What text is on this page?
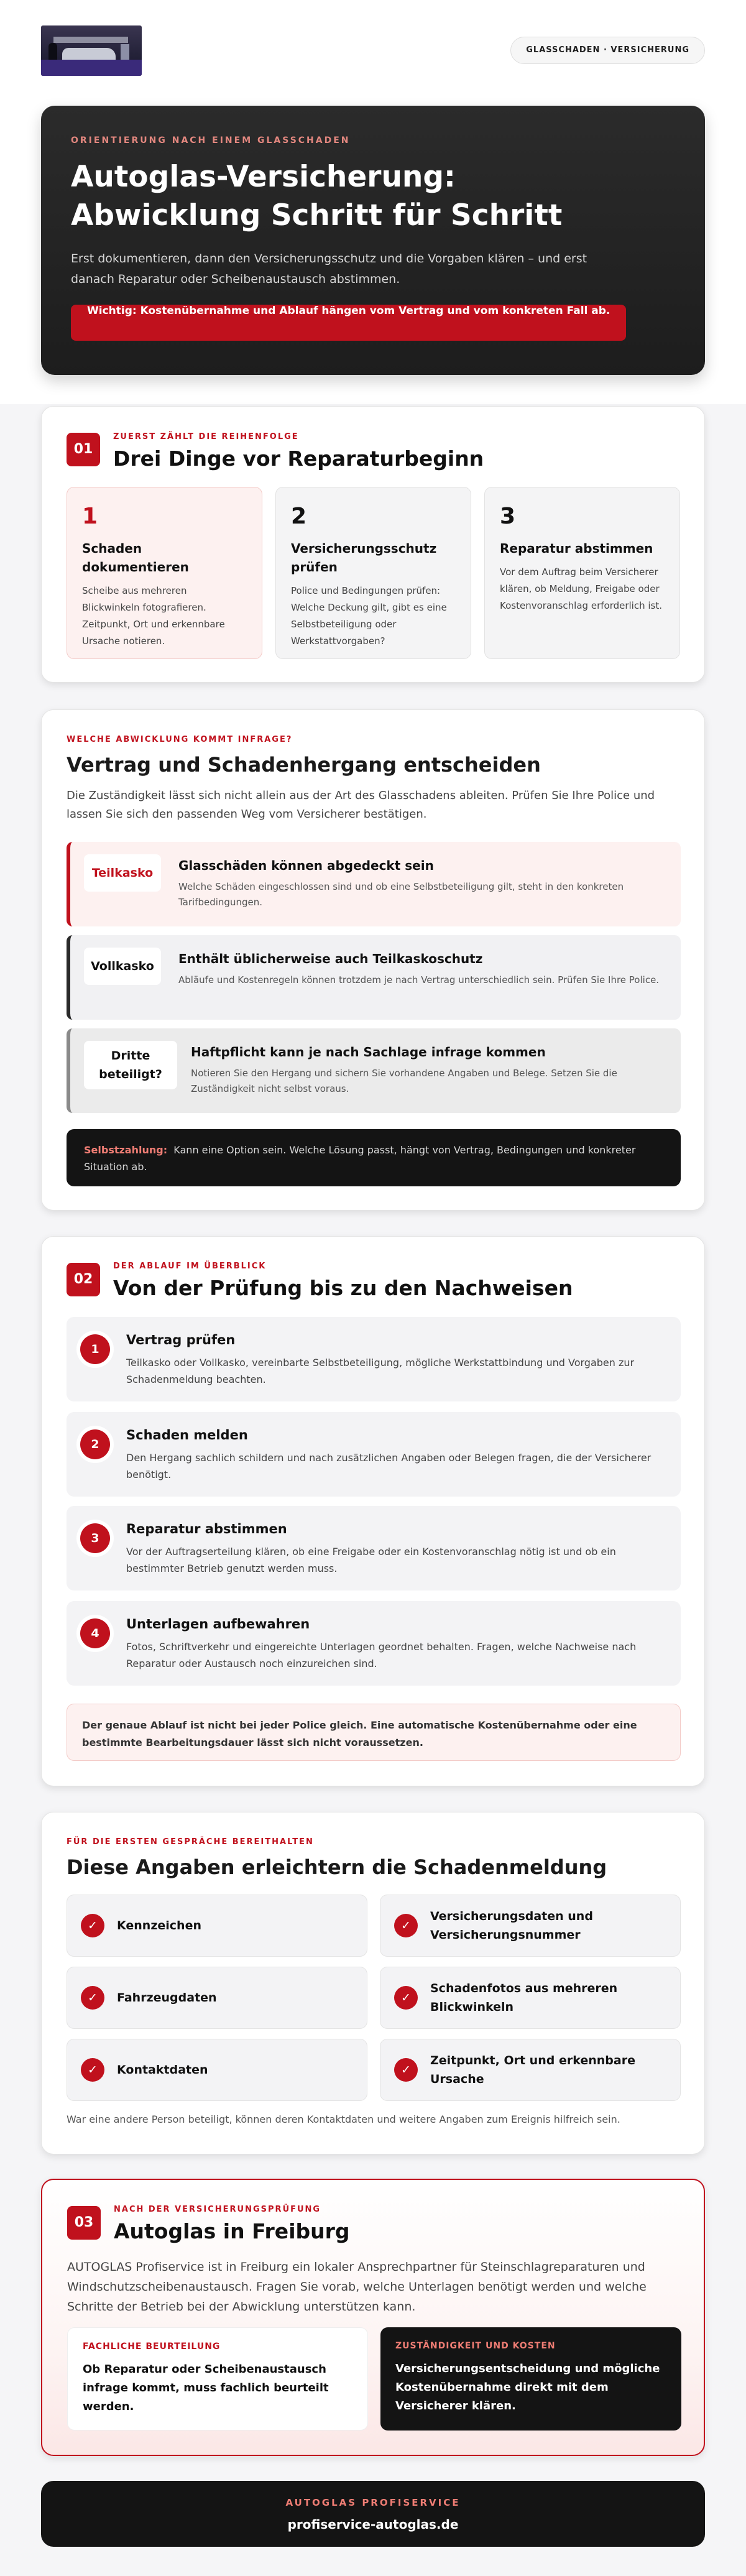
GLASSCHADEN · VERSICHERUNG
ORIENTIERUNG NACH EINEM GLASSCHADEN
Autoglas-Versicherung:
Abwicklung Schritt für Schritt

Erst dokumentieren, dann den Versicherungsschutz und die Vorgaben klären – und erst danach Reparatur oder Scheibenaustausch abstimmen.

Wichtig: Kostenübernahme und Ablauf hängen vom Vertrag und vom konkreten Fall ab.
01
ZUERST ZÄHLT DIE REIHENFOLGE
Drei Dinge vor Reparaturbeginn
1
Schaden dokumentieren

Scheibe aus mehreren Blickwinkeln fotografieren. Zeitpunkt, Ort und erkennbare Ursache notieren.

2
Versicherungsschutz prüfen

Police und Bedingungen prüfen: Welche Deckung gilt, gibt es eine Selbstbeteiligung oder Werkstattvorgaben?

3
Reparatur abstimmen

Vor dem Auftrag beim Versicherer klären, ob Meldung, Freigabe oder Kostenvoranschlag erforderlich ist.

WELCHE ABWICKLUNG KOMMT INFRAGE?
Vertrag und Schadenhergang entscheiden

Die Zuständigkeit lässt sich nicht allein aus der Art des Glasschadens ableiten. Prüfen Sie Ihre Police und lassen Sie sich den passenden Weg vom Versicherer bestätigen.

Teilkasko	Glasschäden können abgedeckt sein

Welche Schäden eingeschlossen sind und ob eine Selbstbeteiligung gilt, steht in den konkreten Tarifbedingungen.

Vollkasko	Enthält üblicherweise auch Teilkaskoschutz

Abläufe und Kostenregeln können trotzdem je nach Vertrag unterschiedlich sein. Prüfen Sie Ihre Police.

Dritte beteiligt?
Haftpflicht kann je nach Sachlage infrage kommen

Notieren Sie den Hergang und sichern Sie vorhandene Angaben und Belege. Setzen Sie die Zuständigkeit nicht selbst voraus.

Selbstzahlung: Kann eine Option sein. Welche Lösung passt, hängt von Vertrag, Bedingungen und konkreter Situation ab.
02
DER ABLAUF IM ÜBERBLICK
Von der Prüfung bis zu den Nachweisen
1
Vertrag prüfen

Teilkasko oder Vollkasko, vereinbarte Selbstbeteiligung, mögliche Werkstattbindung und Vorgaben zur Schadenmeldung beachten.

2
Schaden melden

Den Hergang sachlich schildern und nach zusätzlichen Angaben oder Belegen fragen, die der Versicherer benötigt.

3
Reparatur abstimmen

Vor der Auftragserteilung klären, ob eine Freigabe oder ein Kostenvoranschlag nötig ist und ob ein bestimmter Betrieb genutzt werden muss.

4
Unterlagen aufbewahren

Fotos, Schriftverkehr und eingereichte Unterlagen geordnet behalten. Fragen, welche Nachweise nach Reparatur oder Austausch noch einzureichen sind.

Der genaue Ablauf ist nicht bei jeder Police gleich. Eine automatische Kostenübernahme oder eine bestimmte Bearbeitungsdauer lässt sich nicht voraussetzen.
FÜR DIE ERSTEN GESPRÄCHE BEREITHALTEN
Diese Angaben erleichtern die Schadenmeldung
✓	Kennzeichen	✓
Versicherungsdaten und Versicherungsnummer
✓	Fahrzeugdaten	✓
Schadenfotos aus mehreren Blickwinkeln
✓	Kontaktdaten	✓
Zeitpunkt, Ort und erkennbare Ursache
War eine andere Person beteiligt, können deren Kontaktdaten und weitere Angaben zum Ereignis hilfreich sein.
03
NACH DER VERSICHERUNGSPRÜFUNG
Autoglas in Freiburg

AUTOGLAS Profiservice ist in Freiburg ein lokaler Ansprechpartner für Steinschlagreparaturen und Windschutzscheibenaustausch. Fragen Sie vorab, welche Unterlagen benötigt werden und welche Schritte der Betrieb bei der Abwicklung unterstützen kann.

FACHLICHE BEURTEILUNG

Ob Reparatur oder Scheibenaustausch infrage kommt, muss fachlich beurteilt werden.

ZUSTÄNDIGKEIT UND KOSTEN

Versicherungsentscheidung und mögliche Kostenübernahme direkt mit dem Versicherer klären.

AUTOGLAS PROFISERVICE
profiservice-autoglas.de
